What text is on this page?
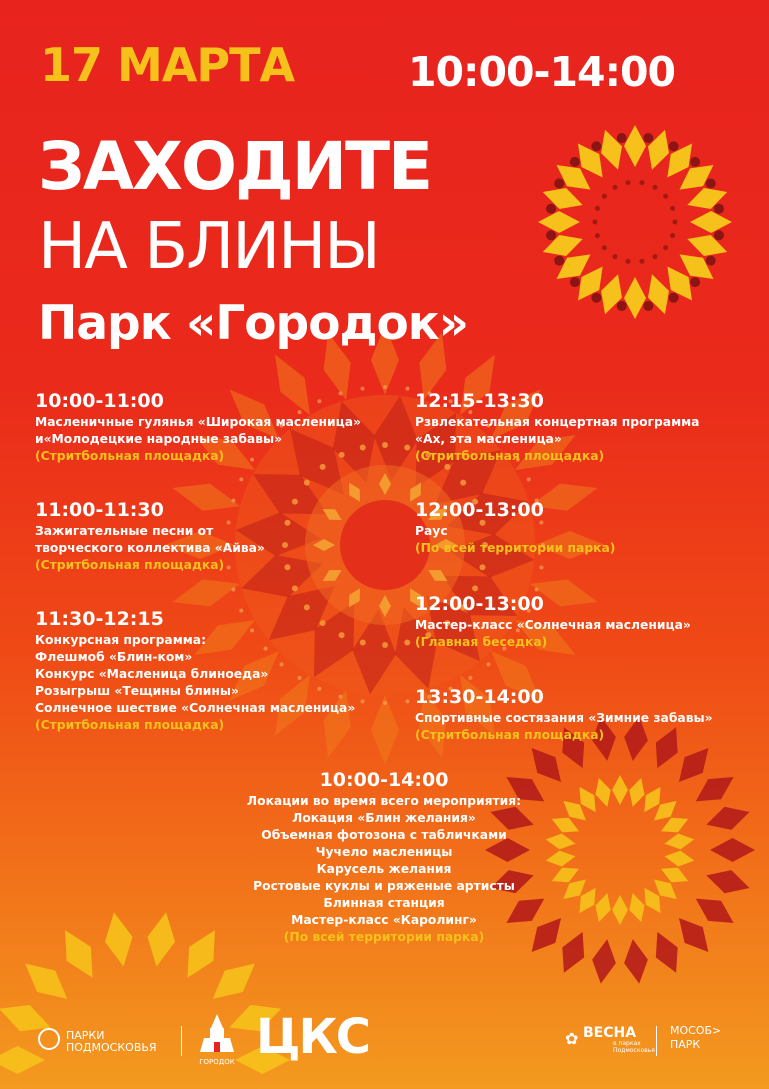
17 МАРТА	10:00-14:00
ЗАХОДИТЕ
НА БЛИНЫ
Парк «Городок»
10:00-11:00
Масленичные гулянья «Широкая масленица»
и«Молодецкие народные забавы»
(Стритбольная площадка)
11:00-11:30
Зажигательные песни от
творческого коллектива «Айва»
(Стритбольная площадка)
11:30-12:15
Конкурсная программа:
Флешмоб «Блин-ком»
Конкурс «Масленица блиноеда»
Розыгрыш «Тещины блины»
Солнечное шествие «Солнечная масленица»
(Стритбольная площадка)
12:15-13:30
Рзвлекательная концертная программа
«Ах, эта масленица»
(Стритбольная площадка)
12:00-13:00
Раус
(По всей территории парка)
12:00-13:00
Мастер-класс «Солнечная масленица»
(Главная беседка)
13:30-14:00
Спортивные состязания «Зимние забавы»
(Стритбольная площадка)
10:00-14:00
Локации во время всего мероприятия:
Локация «Блин желания»
Объемная фотозона с табличками
Чучело масленицы
Карусель желания
Ростовые куклы и ряженые артисты
Блинная станция
Мастер-класс «Каролинг»
(По всей территории парка)
ПАРКИ
ПОДМОСКОВЬЯ
ГОРОДОК ЦКС	✿ ВЕСНА
в парках
Подмосковья
МОСОБ>
ПАРК
